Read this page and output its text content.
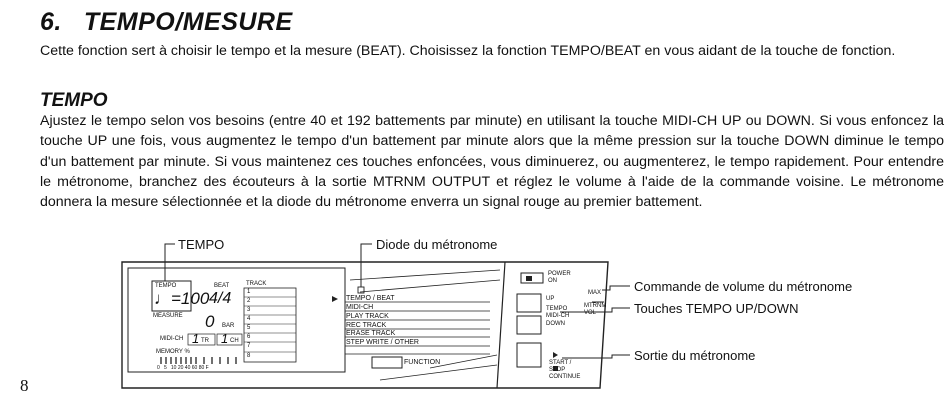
6. TEMPO/MESURE

Cette fonction sert à choisir le tempo et la mesure (BEAT). Choisissez la fonction TEMPO/BEAT en vous aidant de la touche de fonction.

TEMPO

Ajustez le tempo selon vos besoins (entre 40 et 192 battements par minute) en utilisant la touche MIDI-CH UP ou DOWN. Si vous enfoncez la touche UP une fois, vous augmentez le tempo d'un battement par minute alors que la même pression sur la touche DOWN diminue le tempo d'un battement par minute. Si vous maintenez ces touches enfoncées, vous diminuerez, ou augmenterez, le tempo rapidement. Pour entendre le métronome, branchez des écouteurs à la sortie MTRNM OUTPUT et réglez le volume à l'aide de la commande voisine. Le métronome donnera la mesure sélectionnée et la diode du métronome enverra un signal rouge au premier battement.

8
TEMPO	Diode du métronome
Commande de volume du métronome
Touches TEMPO UP/DOWN
Sortie du métronome
TEMPO
♩=100
BEAT
4/4
TRACK
MEASURE 0 BAR
MIDI-CH 1 TR 1 CH
MEMORY %
0   5   10 20 40 60 80 F
1
2
3
4
5
6
7
8
TEMPO / BEAT
MIDI-CH
PLAY TRACK
REC TRACK
ERASE TRACK
STEP WRITE / OTHER
FUNCTION
POWER ON
UP
TEMPO MIDI-CH
DOWN
MAX
MTRNM VOL
START / STOP CONTINUE
